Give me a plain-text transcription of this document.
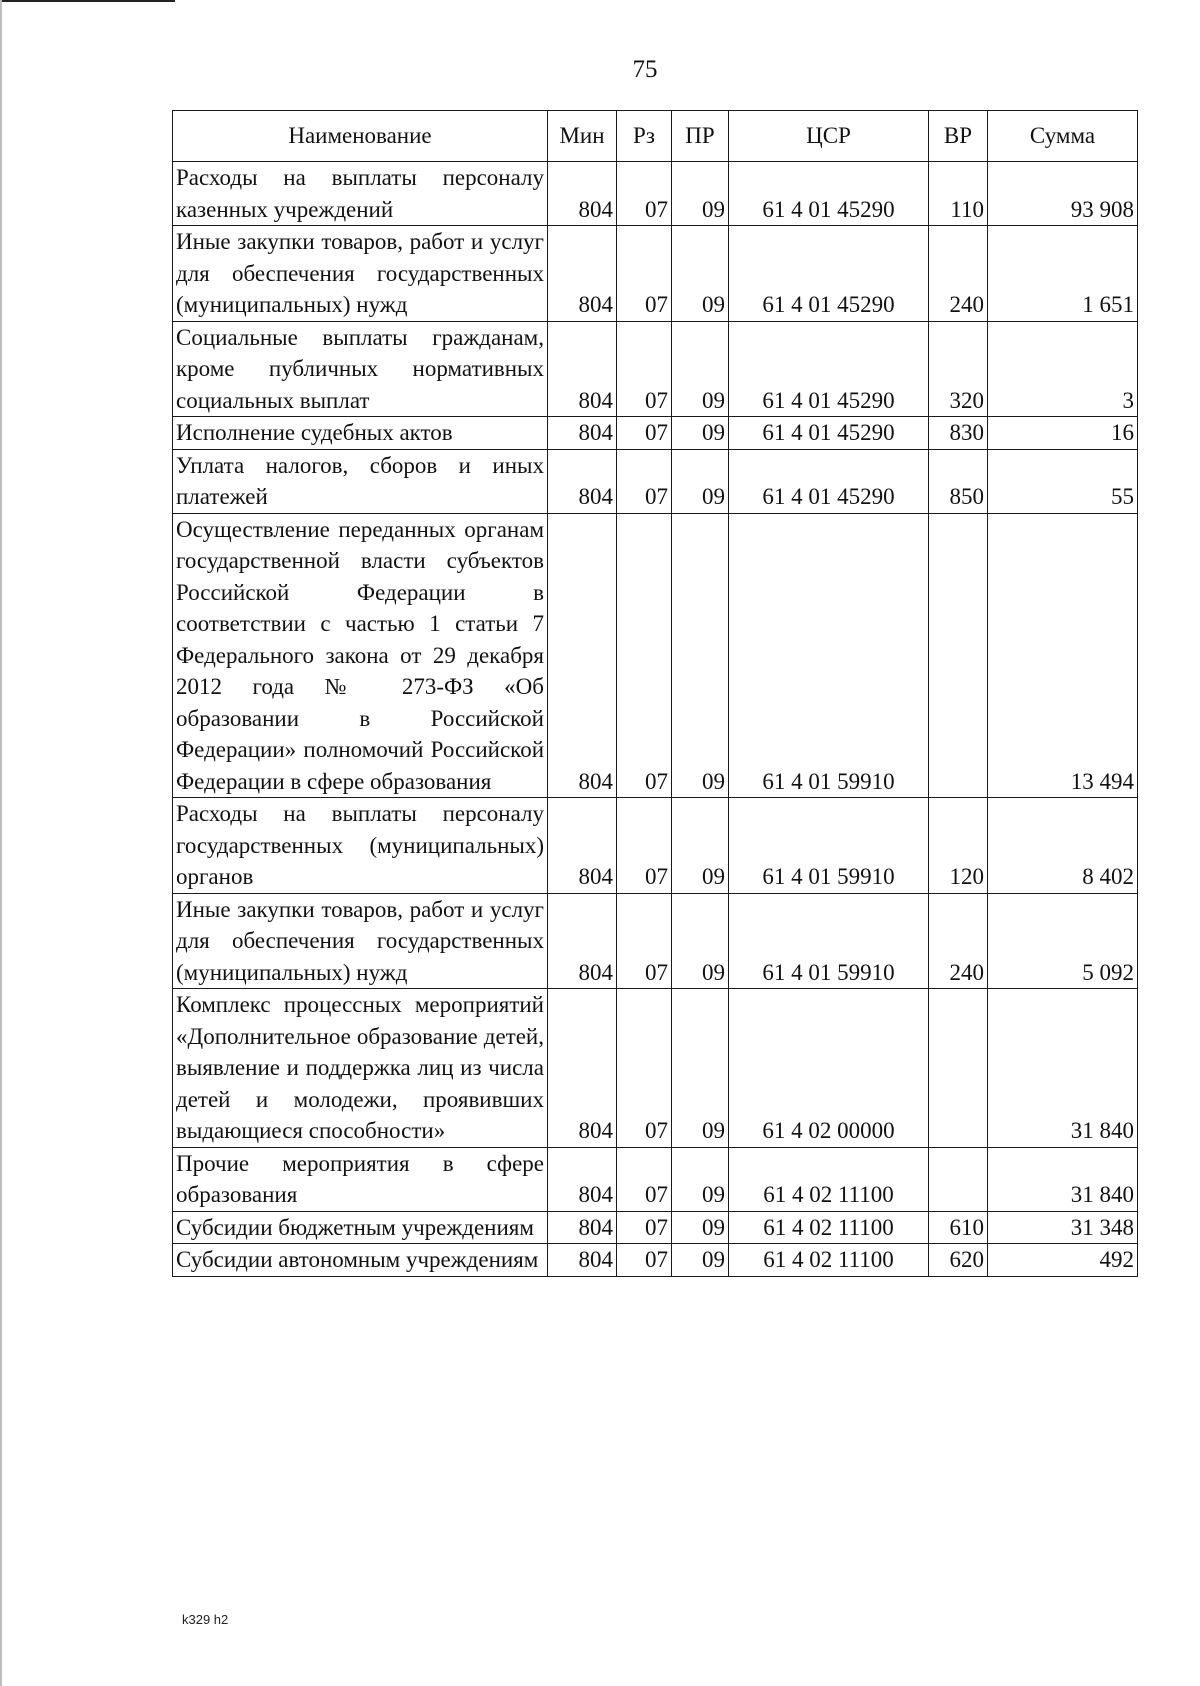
75
Наименование	Мин	Рз	ПР	ЦСР	ВР	Сумма
Расходы на выплаты персоналу казенных учреждений	804	07	09	61 4 01 45290	110	93 908
Иные закупки товаров, работ и услуг для обеспечения государственных (муниципальных) нужд	804	07	09	61 4 01 45290	240	1 651
Социальные выплаты гражданам, кроме публичных нормативных социальных выплат	804	07	09	61 4 01 45290	320	3
Исполнение судебных актов	804	07	09	61 4 01 45290	830	16
Уплата налогов, сборов и иных платежей	804	07	09	61 4 01 45290	850	55
Осуществление переданных органам государственной власти субъектов Российской Федерации в соответствии с частью 1 статьи 7 Федерального закона от 29 декабря 2012 года № 273-ФЗ «Об образовании в Российской Федерации» полномочий Российской Федерации в сфере образования	804	07	09	61 4 01 59910		13 494
Расходы на выплаты персоналу государственных (муниципальных) органов	804	07	09	61 4 01 59910	120	8 402
Иные закупки товаров, работ и услуг для обеспечения государственных (муниципальных) нужд	804	07	09	61 4 01 59910	240	5 092
Комплекс процессных мероприятий «Дополнительное образование детей, выявление и поддержка лиц из числа детей и молодежи, проявивших выдающиеся способности»	804	07	09	61 4 02 00000		31 840
Прочие мероприятия в сфере образования	804	07	09	61 4 02 11100		31 840
Субсидии бюджетным учреждениям	804	07	09	61 4 02 11100	610	31 348
Субсидии автономным учреждениям	804	07	09	61 4 02 11100	620	492
k329 h2
